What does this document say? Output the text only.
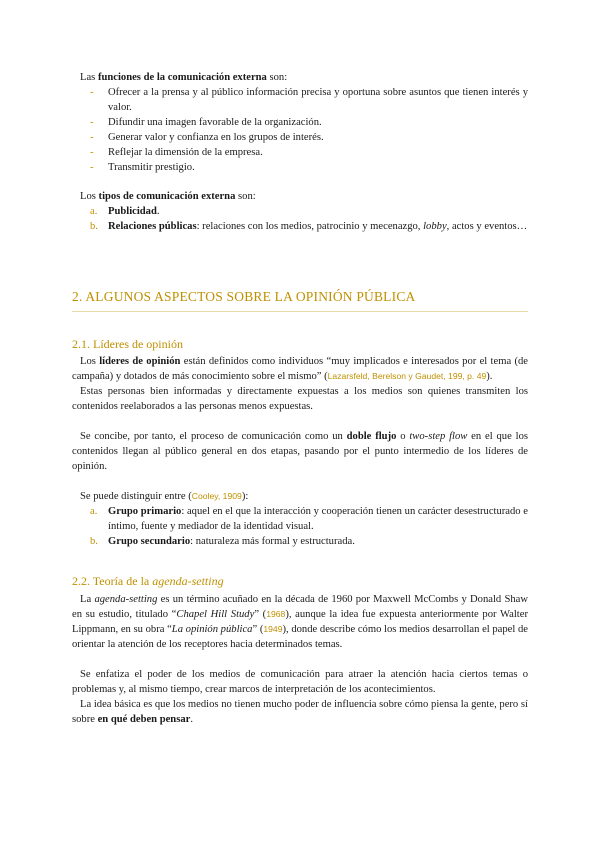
Las funciones de la comunicación externa son:

- Ofrecer a la prensa y al público información precisa y oportuna sobre asuntos que tienen interés y valor.
- Difundir una imagen favorable de la organización.
- Generar valor y confianza en los grupos de interés.
- Reflejar la dimensión de la empresa.
- Transmitir prestigio.

Los tipos de comunicación externa son:

a. Publicidad.
b. Relaciones públicas: relaciones con los medios, patrocinio y mecenazgo, lobby, actos y eventos…
2. ALGUNOS ASPECTOS SOBRE LA OPINIÓN PÚBLICA
2.1. Líderes de opinión

Los líderes de opinión están definidos como individuos “muy implicados e interesados por el tema (de campaña) y dotados de más conocimiento sobre el mismo” (Lazarsfeld, Berelson y Gaudet, 199, p. 49).

Estas personas bien informadas y directamente expuestas a los medios son quienes transmiten los contenidos reelaborados a las personas menos expuestas.

Se concibe, por tanto, el proceso de comunicación como un doble flujo o two-step flow en el que los contenidos llegan al público general en dos etapas, pasando por el punto intermedio de los líderes de opinión.

Se puede distinguir entre (Cooley, 1909):

a. Grupo primario: aquel en el que la interacción y cooperación tienen un carácter desestructurado e íntimo, fuente y mediador de la identidad visual.
b. Grupo secundario: naturaleza más formal y estructurada.
2.2. Teoría de la agenda-setting

La agenda-setting es un término acuñado en la década de 1960 por Maxwell McCombs y Donald Shaw en su estudio, titulado “Chapel Hill Study” (1968), aunque la idea fue expuesta anteriormente por Walter Lippmann, en su obra “La opinión pública” (1949), donde describe cómo los medios desarrollan el papel de orientar la atención de los receptores hacia determinados temas.

Se enfatiza el poder de los medios de comunicación para atraer la atención hacia ciertos temas o problemas y, al mismo tiempo, crear marcos de interpretación de los acontecimientos.

La idea básica es que los medios no tienen mucho poder de influencia sobre cómo piensa la gente, pero sí sobre en qué deben pensar.
